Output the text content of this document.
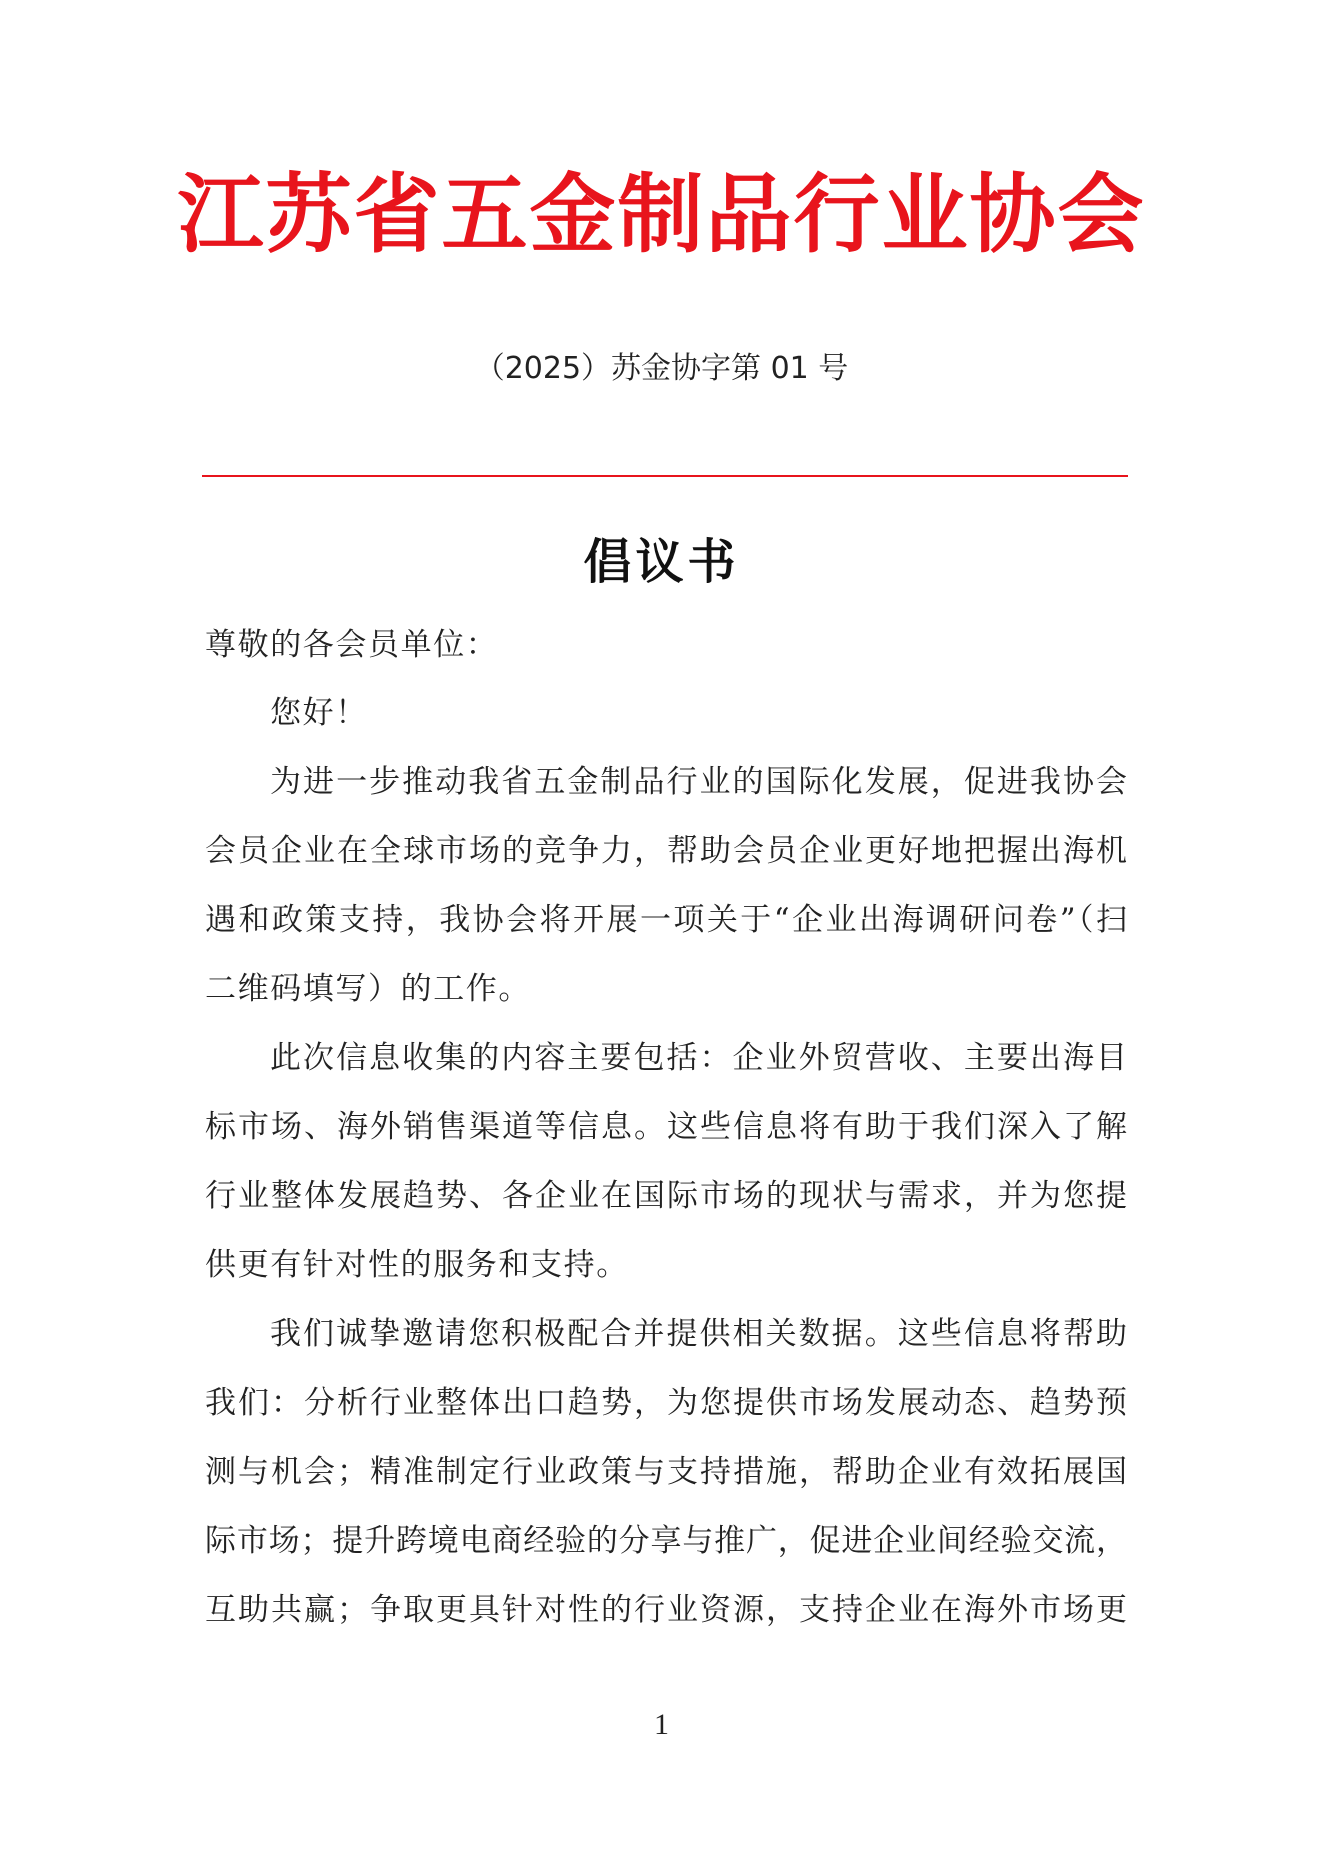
江苏省五金制品行业协会
（2025）苏金协字第 01 号
倡议书
尊敬的各会员单位：
您好！
为进一步推动我省五金制品行业的国际化发展，促进我协会
会员企业在全球市场的竞争力，帮助会员企业更好地把握出海机
遇和政策支持，我协会将开展一项关于“企业出海调研问卷”（扫
二维码填写）的工作。
此次信息收集的内容主要包括：企业外贸营收、主要出海目
标市场、海外销售渠道等信息。这些信息将有助于我们深入了解
行业整体发展趋势、各企业在国际市场的现状与需求，并为您提
供更有针对性的服务和支持。
我们诚挚邀请您积极配合并提供相关数据。这些信息将帮助
我们：分析行业整体出口趋势，为您提供市场发展动态、趋势预
测与机会；精准制定行业政策与支持措施，帮助企业有效拓展国
际市场；提升跨境电商经验的分享与推广，促进企业间经验交流，
互助共赢；争取更具针对性的行业资源，支持企业在海外市场更
1
